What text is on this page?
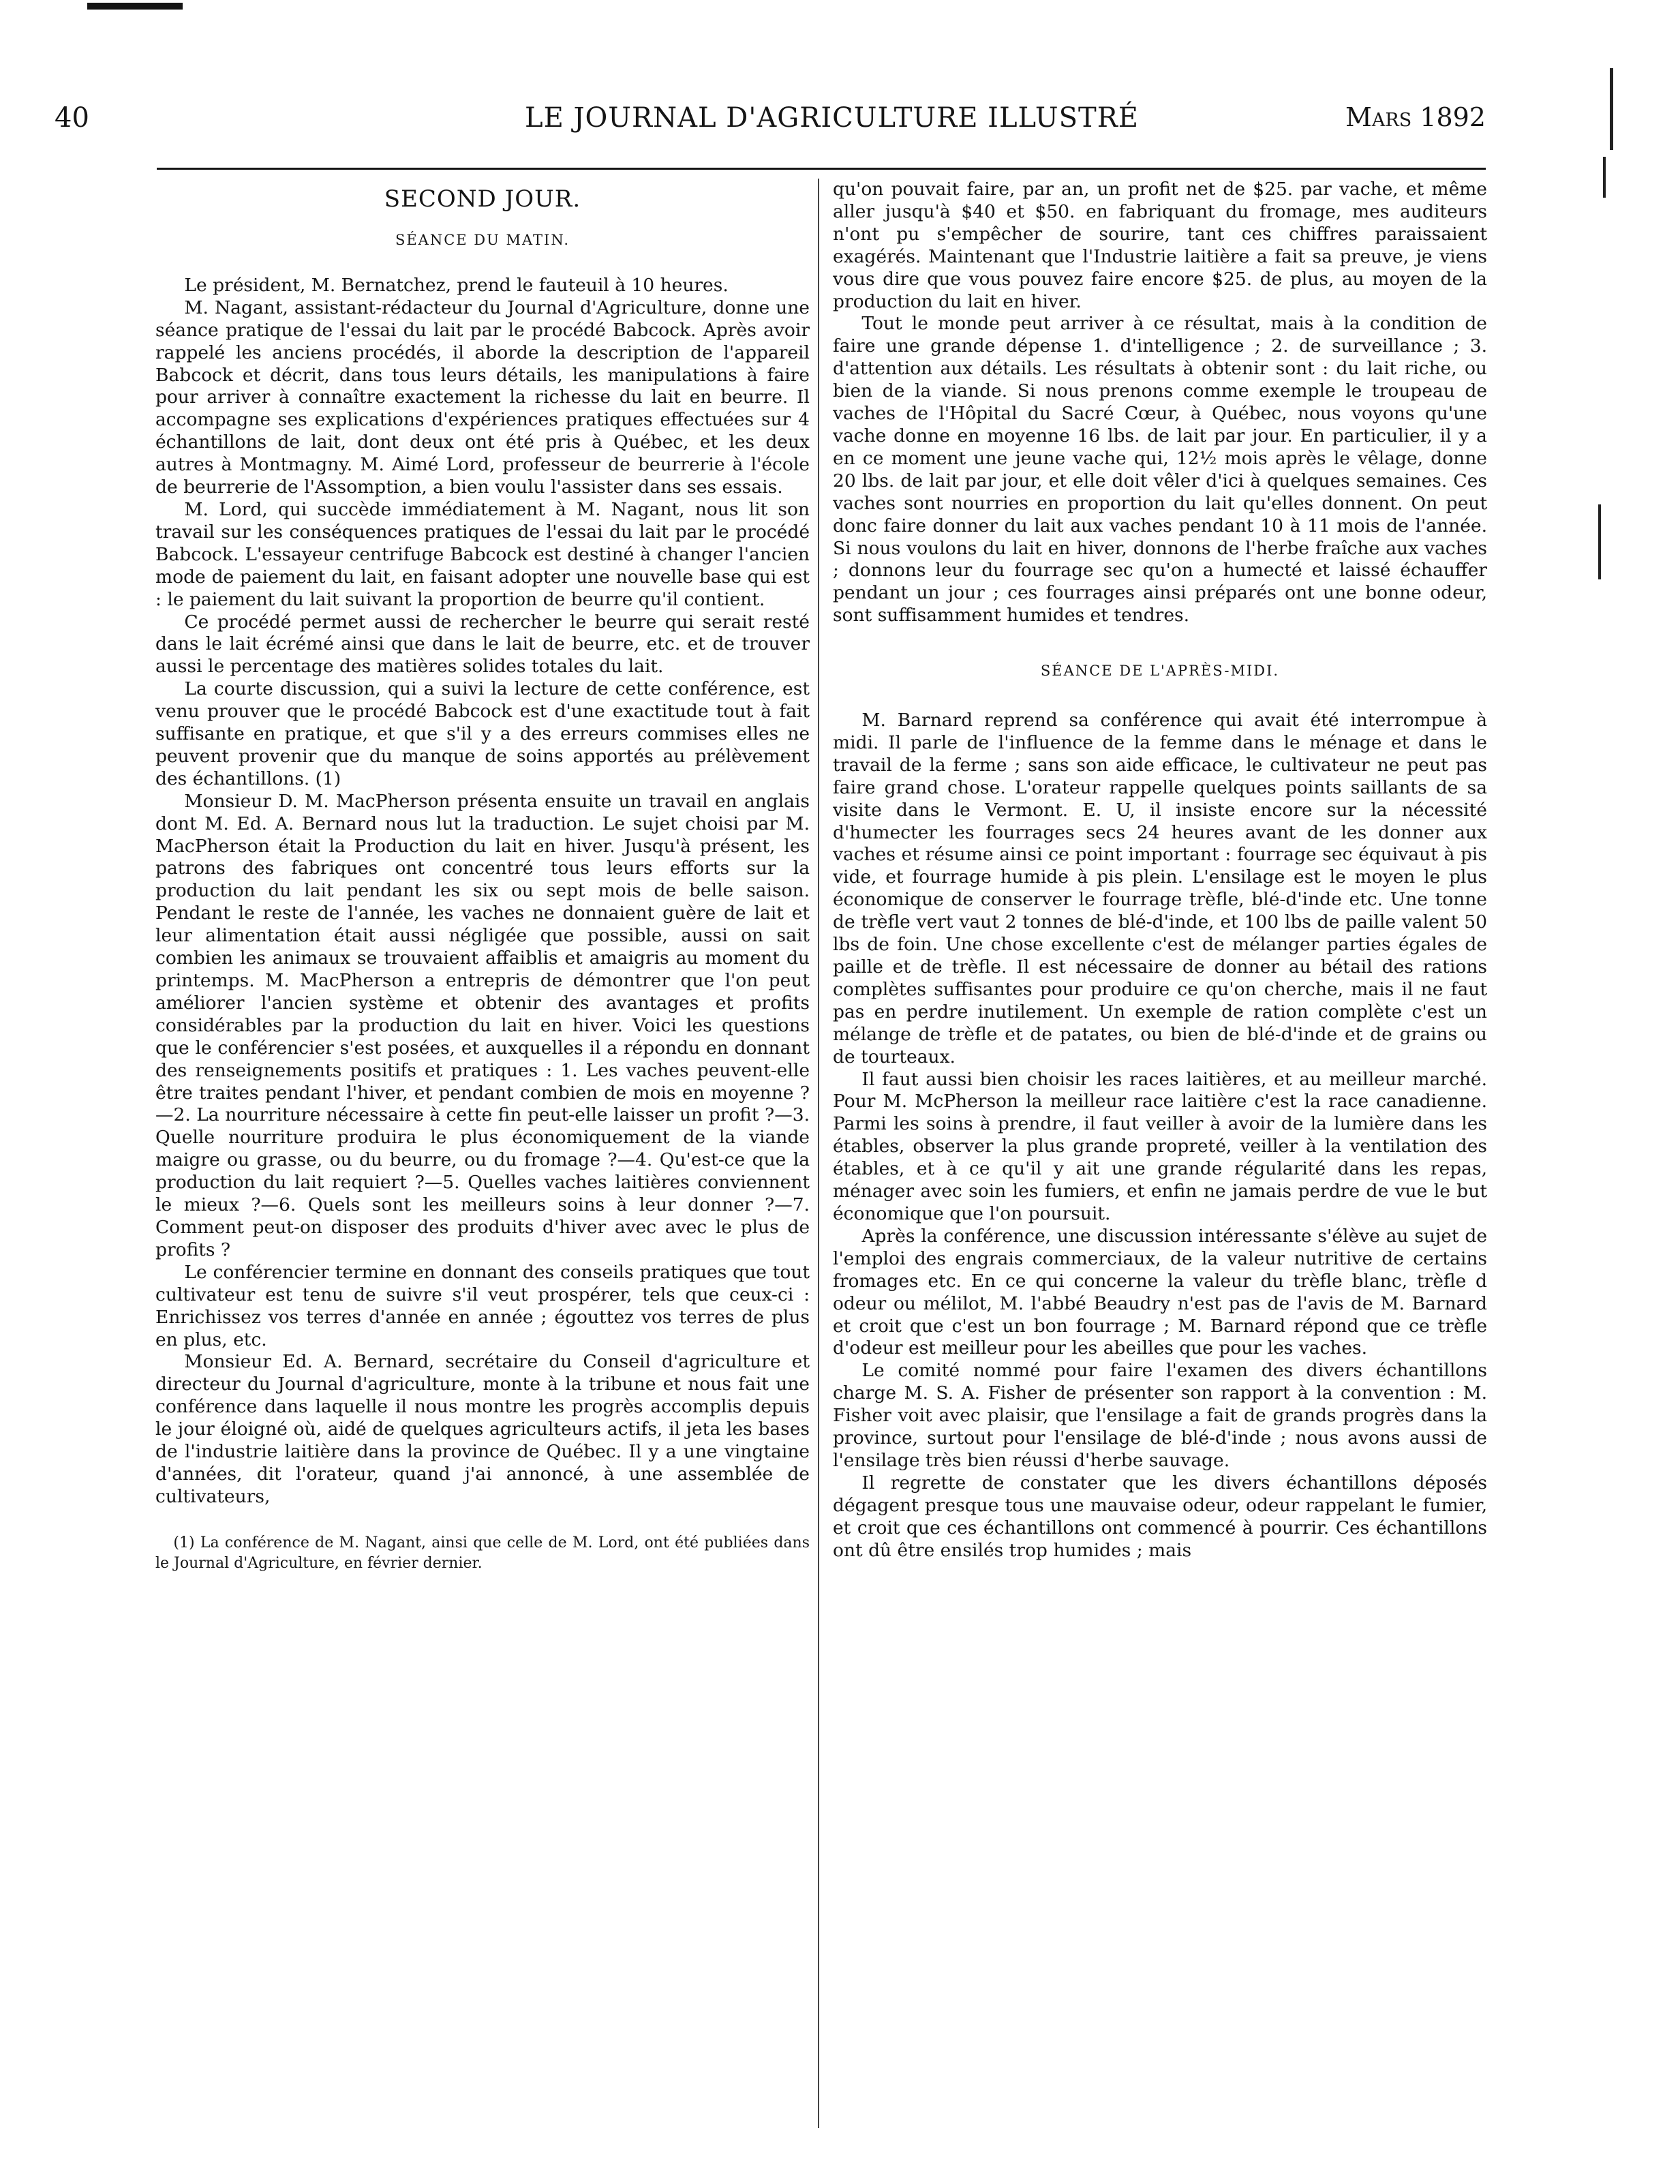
40	LE JOURNAL D'AGRICULTURE ILLUSTRÉ	Mars 1892
SECOND JOUR.
SÉANCE DU MATIN.

Le président, M. Bernatchez, prend le fauteuil à 10 heures.

M. Nagant, assistant-rédacteur du Journal d'Agriculture, donne une séance pratique de l'essai du lait par le procédé Babcock. Après avoir rappelé les anciens procédés, il aborde la description de l'appareil Babcock et décrit, dans tous leurs détails, les manipulations à faire pour arriver à connaître exactement la richesse du lait en beurre. Il accompagne ses explications d'expériences pratiques effectuées sur 4 échantillons de lait, dont deux ont été pris à Québec, et les deux autres à Montmagny. M. Aimé Lord, professeur de beurrerie à l'école de beurrerie de l'Assomption, a bien voulu l'assister dans ses essais.

M. Lord, qui succède immédiatement à M. Nagant, nous lit son travail sur les conséquences pratiques de l'essai du lait par le procédé Babcock. L'essayeur centrifuge Babcock est destiné à changer l'ancien mode de paiement du lait, en faisant adopter une nouvelle base qui est : le paiement du lait suivant la proportion de beurre qu'il contient.

Ce procédé permet aussi de rechercher le beurre qui serait resté dans le lait écrémé ainsi que dans le lait de beurre, etc. et de trouver aussi le percentage des matières solides totales du lait.

La courte discussion, qui a suivi la lecture de cette conférence, est venu prouver que le procédé Babcock est d'une exactitude tout à fait suffisante en pratique, et que s'il y a des erreurs commises elles ne peuvent provenir que du manque de soins apportés au prélèvement des échantillons. (1)

Monsieur D. M. MacPherson présenta ensuite un travail en anglais dont M. Ed. A. Bernard nous lut la traduction. Le sujet choisi par M. MacPherson était la Production du lait en hiver. Jusqu'à présent, les patrons des fabriques ont concentré tous leurs efforts sur la production du lait pendant les six ou sept mois de belle saison. Pendant le reste de l'année, les vaches ne donnaient guère de lait et leur alimentation était aussi négligée que possible, aussi on sait combien les animaux se trouvaient affaiblis et amaigris au moment du printemps. M. MacPherson a entrepris de démontrer que l'on peut améliorer l'ancien système et obtenir des avantages et profits considérables par la production du lait en hiver. Voici les questions que le conférencier s'est posées, et auxquelles il a répondu en donnant des renseignements positifs et pratiques : 1. Les vaches peuvent-elle être traites pendant l'hiver, et pendant combien de mois en moyenne ?—2. La nourriture nécessaire à cette fin peut-elle laisser un profit ?—3. Quelle nourriture produira le plus économiquement de la viande maigre ou grasse, ou du beurre, ou du fromage ?—4. Qu'est-ce que la production du lait requiert ?—5. Quelles vaches laitières conviennent le mieux ?—6. Quels sont les meilleurs soins à leur donner ?—7. Comment peut-on disposer des produits d'hiver avec avec le plus de profits ?

Le conférencier termine en donnant des conseils pratiques que tout cultivateur est tenu de suivre s'il veut prospérer, tels que ceux-ci : Enrichissez vos terres d'année en année ; égouttez vos terres de plus en plus, etc.

Monsieur Ed. A. Bernard, secrétaire du Conseil d'agriculture et directeur du Journal d'agriculture, monte à la tribune et nous fait une conférence dans laquelle il nous montre les progrès accomplis depuis le jour éloigné où, aidé de quelques agriculteurs actifs, il jeta les bases de l'industrie laitière dans la province de Québec. Il y a une vingtaine d'années, dit l'orateur, quand j'ai annoncé, à une assemblée de cultivateurs,

(1) La conférence de M. Nagant, ainsi que celle de M. Lord, ont été publiées dans le Journal d'Agriculture, en février dernier.

qu'on pouvait faire, par an, un profit net de $25. par vache, et même aller jusqu'à $40 et $50. en fabriquant du fromage, mes auditeurs n'ont pu s'empêcher de sourire, tant ces chiffres paraissaient exagérés. Maintenant que l'Industrie laitière a fait sa preuve, je viens vous dire que vous pouvez faire encore $25. de plus, au moyen de la production du lait en hiver.

Tout le monde peut arriver à ce résultat, mais à la condition de faire une grande dépense 1. d'intelligence ; 2. de surveillance ; 3. d'attention aux détails. Les résultats à obtenir sont : du lait riche, ou bien de la viande. Si nous prenons comme exemple le troupeau de vaches de l'Hôpital du Sacré Cœur, à Québec, nous voyons qu'une vache donne en moyenne 16 lbs. de lait par jour. En particulier, il y a en ce moment une jeune vache qui, 12½ mois après le vêlage, donne 20 lbs. de lait par jour, et elle doit vêler d'ici à quelques semaines. Ces vaches sont nourries en proportion du lait qu'elles donnent. On peut donc faire donner du lait aux vaches pendant 10 à 11 mois de l'année. Si nous voulons du lait en hiver, donnons de l'herbe fraîche aux vaches ; donnons leur du fourrage sec qu'on a humecté et laissé échauffer pendant un jour ; ces fourrages ainsi préparés ont une bonne odeur, sont suffisamment humides et tendres.

SÉANCE DE L'APRÈS-MIDI.

M. Barnard reprend sa conférence qui avait été interrompue à midi. Il parle de l'influence de la femme dans le ménage et dans le travail de la ferme ; sans son aide efficace, le cultivateur ne peut pas faire grand chose. L'orateur rappelle quelques points saillants de sa visite dans le Vermont. E. U, il insiste encore sur la nécessité d'humecter les fourrages secs 24 heures avant de les donner aux vaches et résume ainsi ce point important : fourrage sec équivaut à pis vide, et fourrage humide à pis plein. L'ensilage est le moyen le plus économique de conserver le fourrage trèfle, blé-d'inde etc. Une tonne de trèfle vert vaut 2 tonnes de blé-d'inde, et 100 lbs de paille valent 50 lbs de foin. Une chose excellente c'est de mélanger parties égales de paille et de trèfle. Il est nécessaire de donner au bétail des rations complètes suffisantes pour produire ce qu'on cherche, mais il ne faut pas en perdre inutilement. Un exemple de ration complète c'est un mélange de trèfle et de patates, ou bien de blé-d'inde et de grains ou de tourteaux.

Il faut aussi bien choisir les races laitières, et au meilleur marché. Pour M. McPherson la meilleur race laitière c'est la race canadienne. Parmi les soins à prendre, il faut veiller à avoir de la lumière dans les étables, observer la plus grande propreté, veiller à la ventilation des étables, et à ce qu'il y ait une grande régularité dans les repas, ménager avec soin les fumiers, et enfin ne jamais perdre de vue le but économique que l'on poursuit.

Après la conférence, une discussion intéressante s'élève au sujet de l'emploi des engrais commerciaux, de la valeur nutritive de certains fromages etc. En ce qui concerne la valeur du trèfle blanc, trèfle d odeur ou mélilot, M. l'abbé Beaudry n'est pas de l'avis de M. Barnard et croit que c'est un bon fourrage ; M. Barnard répond que ce trèfle d'odeur est meilleur pour les abeilles que pour les vaches.

Le comité nommé pour faire l'examen des divers échantillons charge M. S. A. Fisher de présenter son rapport à la convention : M. Fisher voit avec plaisir, que l'ensilage a fait de grands progrès dans la province, surtout pour l'ensilage de blé-d'inde ; nous avons aussi de l'ensilage très bien réussi d'herbe sauvage.

Il regrette de constater que les divers échantillons déposés dégagent presque tous une mauvaise odeur, odeur rappelant le fumier, et croit que ces échantillons ont commencé à pourrir. Ces échantillons ont dû être ensilés trop humides ; mais
